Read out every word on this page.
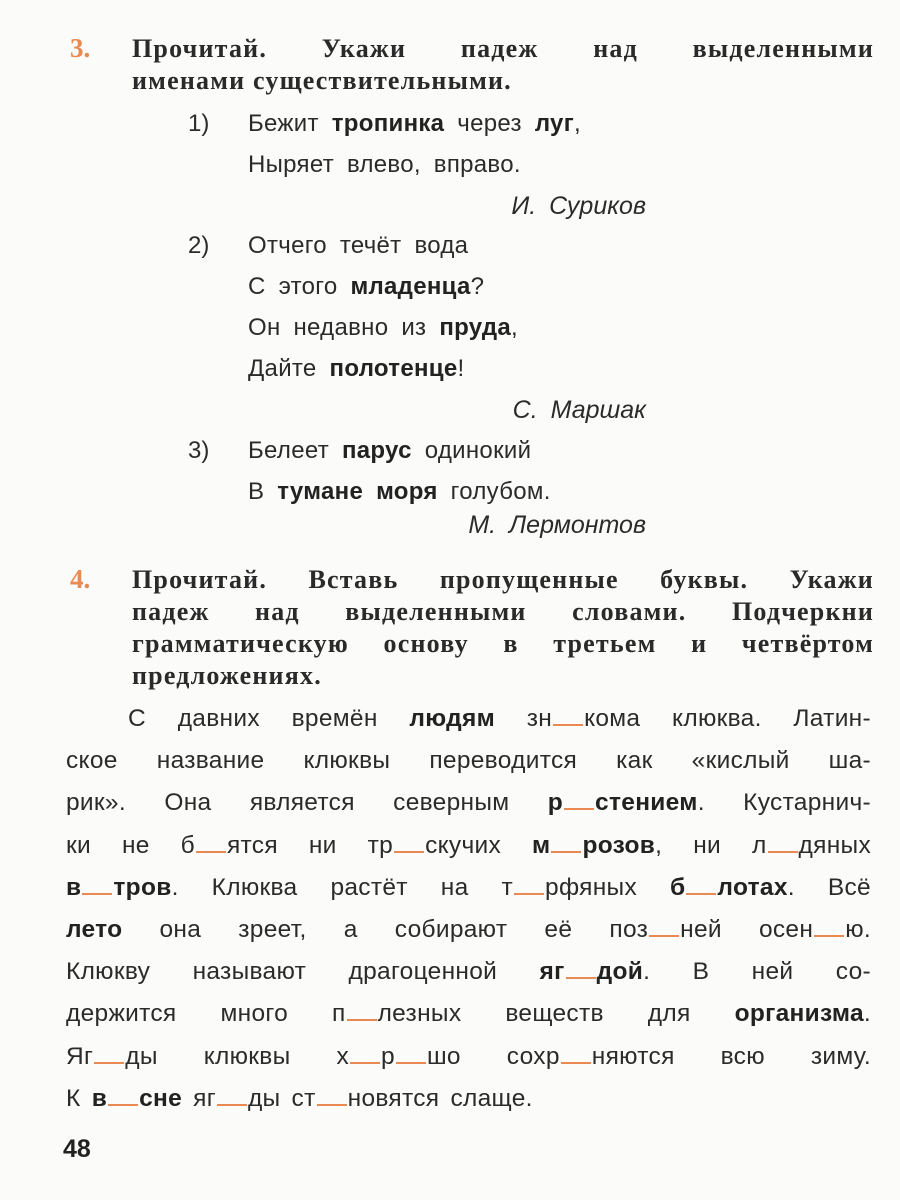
3. Прочитай. Укажи падеж над выделенными
именами существительными.
1) Бежит тропинка через луг,
Ныряет влево, вправо.
И. Суриков
2) Отчего течёт вода
С этого младенца?
Он недавно из пруда,
Дайте полотенце!
С. Маршак
3) Белеет парус одинокий
В тумане моря голубом.
М. Лермонтов
4. Прочитай. Вставь пропущенные буквы. Укажи
падеж над выделенными словами. Подчеркни
грамматическую основу в третьем и четвёртом
предложениях.
С давних времён людям зн кома клюква. Латин-
ское название клюквы переводится как «кислый ша-
рик». Она является северным р стением. Кустарнич-
ки не б ятся ни тр скучих м розов, ни л дяных
в тров. Клюква растёт на т рфяных б лотах. Всё
лето она зреет, а собирают её поз ней осен ю.
Клюкву называют драгоценной яг дой. В ней со-
держится много п лезных веществ для организма.
Яг ды клюквы х р шо сохр няются всю зиму.
К в сне яг ды ст новятся слаще.
48
